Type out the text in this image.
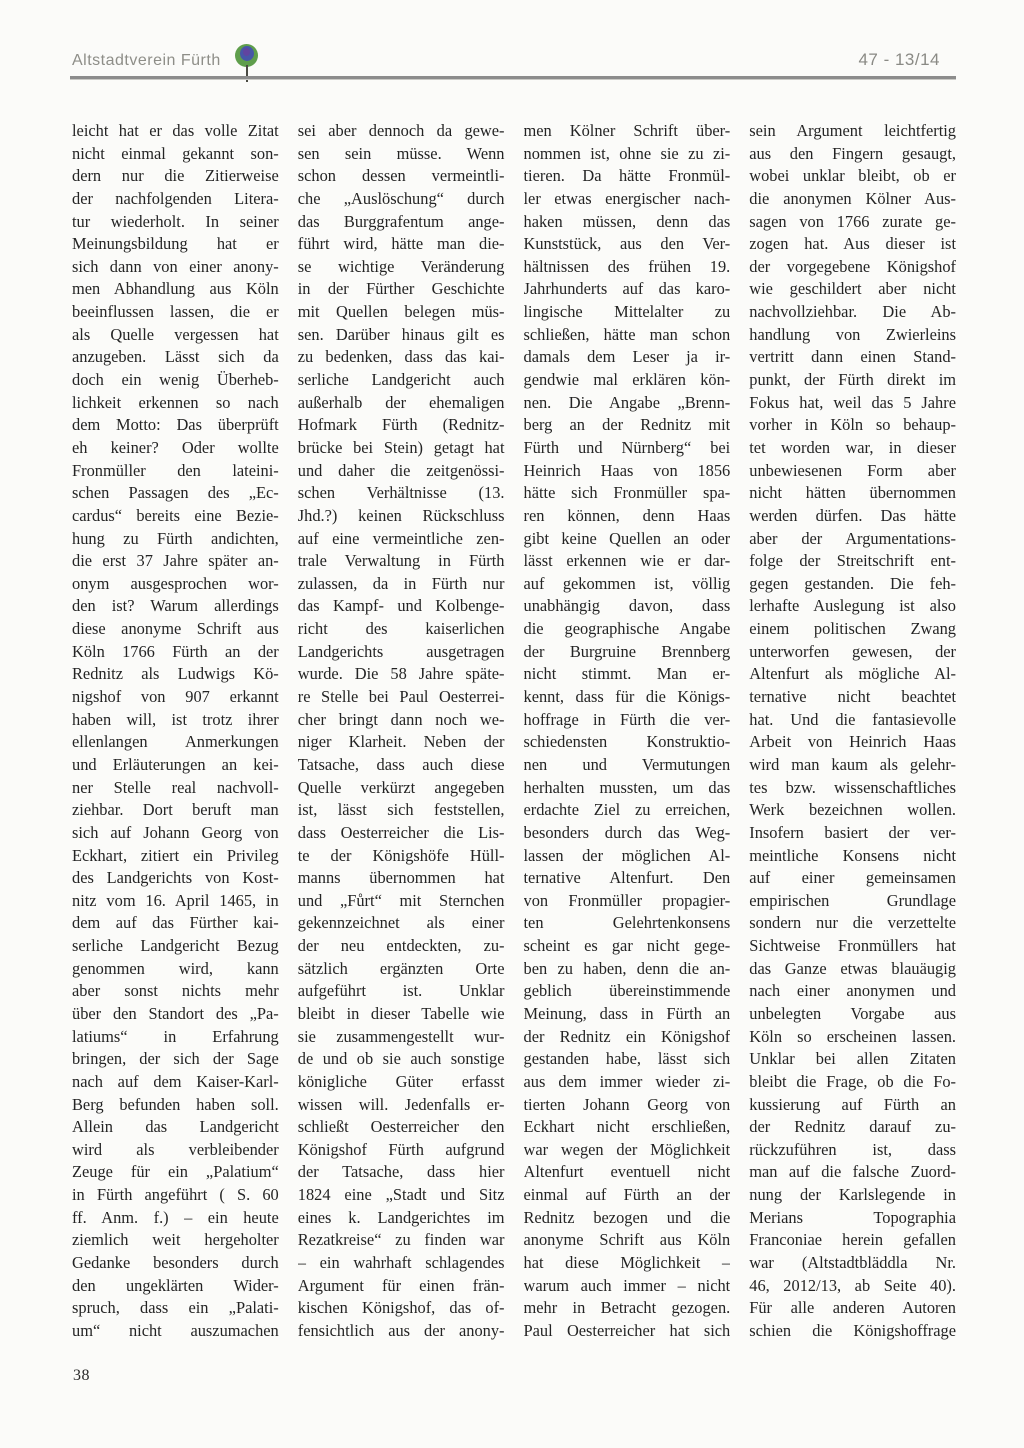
Altstadtverein Fürth	47 - 13/14
leicht hat er das volle Zitat
nicht einmal gekannt son-
dern nur die Zitierweise
der nachfolgenden Litera-
tur wiederholt. In seiner
Meinungsbildung hat er
sich dann von einer anony-
men Abhandlung aus Köln
beeinflussen lassen, die er
als Quelle vergessen hat
anzugeben. Lässt sich da
doch ein wenig Überheb-
lichkeit erkennen so nach
dem Motto: Das überprüft
eh keiner? Oder wollte
Fronmüller den lateini-
schen Passagen des „Ec-
cardus“ bereits eine Bezie-
hung zu Fürth andichten,
die erst 37 Jahre später an-
onym ausgesprochen wor-
den ist? Warum allerdings
diese anonyme Schrift aus
Köln 1766 Fürth an der
Rednitz als Ludwigs Kö-
nigshof von 907 erkannt
haben will, ist trotz ihrer
ellenlangen Anmerkungen
und Erläuterungen an kei-
ner Stelle real nachvoll-
ziehbar. Dort beruft man
sich auf Johann Georg von
Eckhart, zitiert ein Privileg
des Landgerichts von Kost-
nitz vom 16. April 1465, in
dem auf das Fürther kai-
serliche Landgericht Bezug
genommen wird, kann
aber sonst nichts mehr
über den Standort des „Pa-
latiums“ in Erfahrung
bringen, der sich der Sage
nach auf dem Kaiser-Karl-
Berg befunden haben soll.
Allein das Landgericht
wird als verbleibender
Zeuge für ein „Palatium“
in Fürth angeführt ( S. 60
ff. Anm. f.) – ein heute
ziemlich weit hergeholter
Gedanke besonders durch
den ungeklärten Wider-
spruch, dass ein „Palati-
um“ nicht auszumachen
sei aber dennoch da gewe-
sen sein müsse. Wenn
schon dessen vermeintli-
che „Auslöschung“ durch
das Burggrafentum ange-
führt wird, hätte man die-
se wichtige Veränderung
in der Fürther Geschichte
mit Quellen belegen müs-
sen. Darüber hinaus gilt es
zu bedenken, dass das kai-
serliche Landgericht auch
außerhalb der ehemaligen
Hofmark Fürth (Rednitz-
brücke bei Stein) getagt hat
und daher die zeitgenössi-
schen Verhältnisse (13.
Jhd.?) keinen Rückschluss
auf eine vermeintliche zen-
trale Verwaltung in Fürth
zulassen, da in Fürth nur
das Kampf- und Kolbenge-
richt des kaiserlichen
Landgerichts ausgetragen
wurde. Die 58 Jahre späte-
re Stelle bei Paul Oesterrei-
cher bringt dann noch we-
niger Klarheit. Neben der
Tatsache, dass auch diese
Quelle verkürzt angegeben
ist, lässt sich feststellen,
dass Oesterreicher die Lis-
te der Königshöfe Hüll-
manns übernommen hat
und „Fůrt“ mit Sternchen
gekennzeichnet als einer
der neu entdeckten, zu-
sätzlich ergänzten Orte
aufgeführt ist. Unklar
bleibt in dieser Tabelle wie
sie zusammengestellt wur-
de und ob sie auch sonstige
königliche Güter erfasst
wissen will. Jedenfalls er-
schließt Oesterreicher den
Königshof Fürth aufgrund
der Tatsache, dass hier
1824 eine „Stadt und Sitz
eines k. Landgerichtes im
Rezatkreise“ zu finden war
– ein wahrhaft schlagendes
Argument für einen frän-
kischen Königshof, das of-
fensichtlich aus der anony-
men Kölner Schrift über-
nommen ist, ohne sie zu zi-
tieren. Da hätte Fronmül-
ler etwas energischer nach-
haken müssen, denn das
Kunststück, aus den Ver-
hältnissen des frühen 19.
Jahrhunderts auf das karo-
lingische Mittelalter zu
schließen, hätte man schon
damals dem Leser ja ir-
gendwie mal erklären kön-
nen. Die Angabe „Brenn-
berg an der Rednitz mit
Fürth und Nürnberg“ bei
Heinrich Haas von 1856
hätte sich Fronmüller spa-
ren können, denn Haas
gibt keine Quellen an oder
lässt erkennen wie er dar-
auf gekommen ist, völlig
unabhängig davon, dass
die geographische Angabe
der Burgruine Brennberg
nicht stimmt. Man er-
kennt, dass für die Königs-
hoffrage in Fürth die ver-
schiedensten Konstruktio-
nen und Vermutungen
herhalten mussten, um das
erdachte Ziel zu erreichen,
besonders durch das Weg-
lassen der möglichen Al-
ternative Altenfurt. Den
von Fronmüller propagier-
ten Gelehrtenkonsens
scheint es gar nicht gege-
ben zu haben, denn die an-
geblich übereinstimmende
Meinung, dass in Fürth an
der Rednitz ein Königshof
gestanden habe, lässt sich
aus dem immer wieder zi-
tierten Johann Georg von
Eckhart nicht erschließen,
war wegen der Möglichkeit
Altenfurt eventuell nicht
einmal auf Fürth an der
Rednitz bezogen und die
anonyme Schrift aus Köln
hat diese Möglichkeit –
warum auch immer – nicht
mehr in Betracht gezogen.
Paul Oesterreicher hat sich
sein Argument leichtfertig
aus den Fingern gesaugt,
wobei unklar bleibt, ob er
die anonymen Kölner Aus-
sagen von 1766 zurate ge-
zogen hat. Aus dieser ist
der vorgegebene Königshof
wie geschildert aber nicht
nachvollziehbar. Die Ab-
handlung von Zwierleins
vertritt dann einen Stand-
punkt, der Fürth direkt im
Fokus hat, weil das 5 Jahre
vorher in Köln so behaup-
tet worden war, in dieser
unbewiesenen Form aber
nicht hätten übernommen
werden dürfen. Das hätte
aber der Argumentations-
folge der Streitschrift ent-
gegen gestanden. Die feh-
lerhafte Auslegung ist also
einem politischen Zwang
unterworfen gewesen, der
Altenfurt als mögliche Al-
ternative nicht beachtet
hat. Und die fantasievolle
Arbeit von Heinrich Haas
wird man kaum als gelehr-
tes bzw. wissenschaftliches
Werk bezeichnen wollen.
Insofern basiert der ver-
meintliche Konsens nicht
auf einer gemeinsamen
empirischen Grundlage
sondern nur die verzettelte
Sichtweise Fronmüllers hat
das Ganze etwas blauäugig
nach einer anonymen und
unbelegten Vorgabe aus
Köln so erscheinen lassen.
Unklar bei allen Zitaten
bleibt die Frage, ob die Fo-
kussierung auf Fürth an
der Rednitz darauf zu-
rückzuführen ist, dass
man auf die falsche Zuord-
nung der Karlslegende in
Merians Topographia
Franconiae herein gefallen
war (Altstadtbläddla Nr.
46, 2012/13, ab Seite 40).
Für alle anderen Autoren
schien die Königshoffrage
38
